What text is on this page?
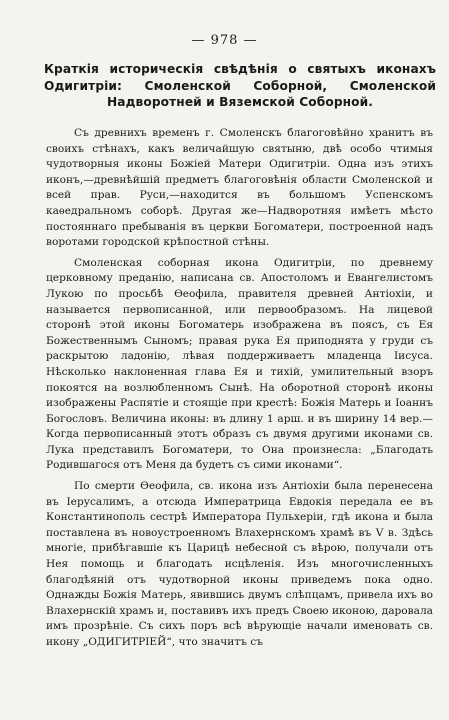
— 978 —
Краткія историческія свѣдѣнія о святыхъ иконахъ Одигитріи: Смоленской Соборной, Смоленской Надворотней и Вяземской Соборной.

Съ древнихъ временъ г. Смоленскъ благоговѣйно хранитъ въ своихъ стѣнахъ, какъ величайшую святыню, двѣ особо чтимыя чудотворныя иконы Божіей Матери Одигитріи. Одна изъ этихъ иконъ,—древнѣйшій предметъ благоговѣнія области Смоленской и всей прав. Руси,—находится въ большомъ Успенскомъ каѳедральномъ соборѣ. Другая же—Надворотняя имѣетъ мѣсто постояннаго пребыванія въ церкви Богоматери, построенной надъ воротами городской крѣпостной стѣны.

Смоленская соборная икона Одигитріи, по древнему церковному преданію, написана св. Апостоломъ и Евангелистомъ Лукою по просьбѣ Ѳеофила, правителя древней Антіохіи, и называется первописанной, или первообразомъ. На лицевой сторонѣ этой иконы Богоматерь изображена въ поясъ, съ Ея Божественнымъ Сыномъ; правая рука Ея приподнята у груди съ раскрытою ладонію, лѣвая поддерживаетъ младенца Іисуса. Нѣсколько наклоненная глава Ея и тихій, умилительный взоръ покоятся на возлюбленномъ Сынѣ. На оборотной сторонѣ иконы изображены Распятіе и стоящіе при крестѣ: Божія Матерь и Іоаннъ Богословъ. Величина иконы: въ длину 1 арш. и въ ширину 14 вер.—Когда первописанный этотъ образъ съ двумя другими иконами св. Лука представилъ Богоматери, то Она произнесла: „Благодать Родившагося отъ Меня да будетъ съ сими иконами“.

По смерти Ѳеофила, св. икона изъ Антіохіи была перенесена въ Іерусалимъ, а отсюда Императрица Евдокія передала ее въ Константинополь сестрѣ Императора Пульхеріи, гдѣ икона и была поставлена въ новоустроенномъ Влахернскомъ храмѣ въ V в. Здѣсь многіе, прибѣгавшіе къ Царицѣ небесной съ вѣрою, получали отъ Нея помощь и благодать исцѣленія. Изъ многочисленныхъ благодѣяній отъ чудотворной иконы приведемъ пока одно. Однажды Божія Матерь, явившись двумъ слѣпцамъ, привела ихъ во Влахернскій храмъ и, поставивъ ихъ предъ Своею иконою, даровала имъ прозрѣніе. Съ сихъ поръ всѣ вѣрующіе начали именовать св. икону „ОДИГИТРІЕЙ“, что значитъ съ
